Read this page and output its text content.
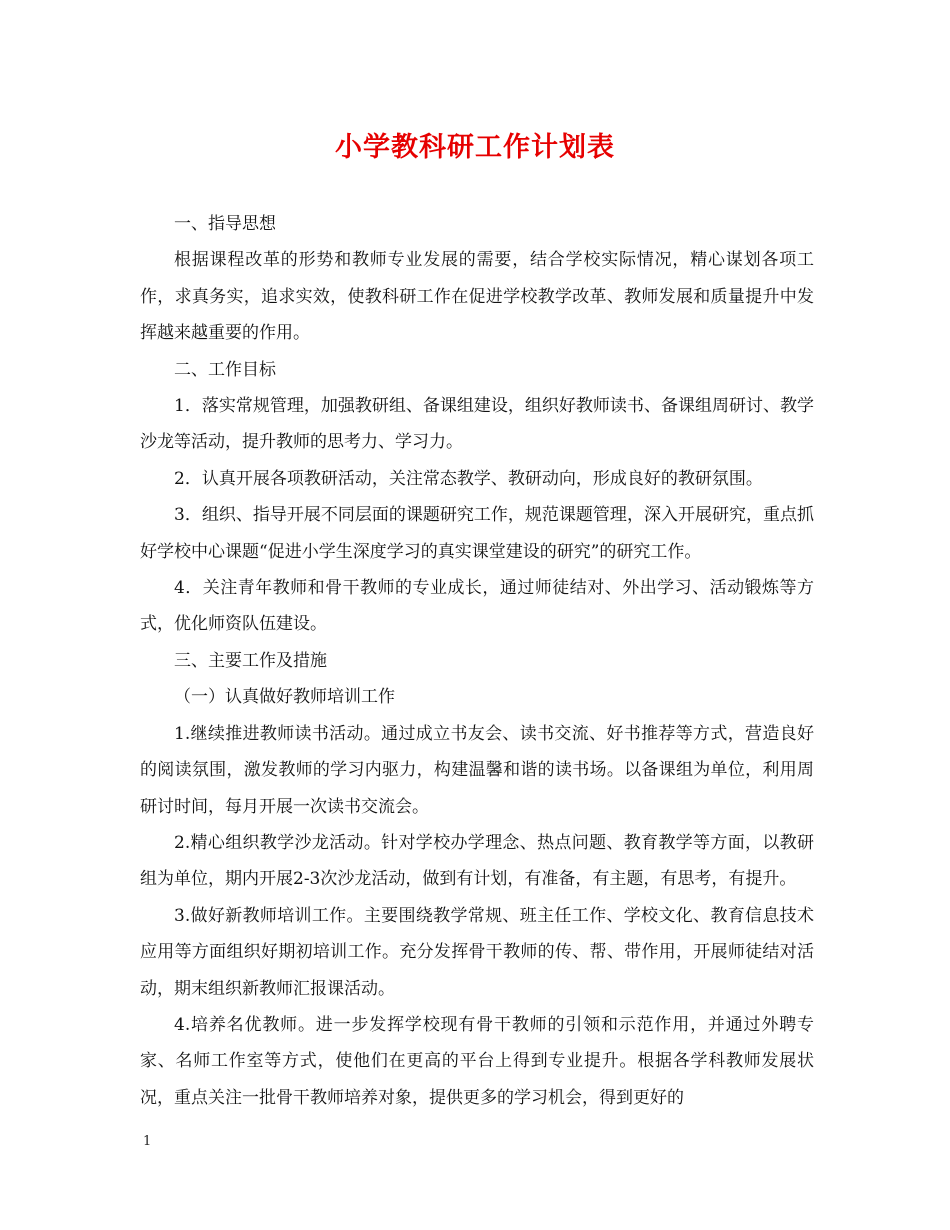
小学教科研工作计划表

一、指导思想

根据课程改革的形势和教师专业发展的需要，结合学校实际情况，精心谋划各项工作，求真务实，追求实效，使教科研工作在促进学校教学改革、教师发展和质量提升中发挥越来越重要的作用。

二、工作目标

1．落实常规管理，加强教研组、备课组建设，组织好教师读书、备课组周研讨、教学沙龙等活动，提升教师的思考力、学习力。

2．认真开展各项教研活动，关注常态教学、教研动向，形成良好的教研氛围。

3．组织、指导开展不同层面的课题研究工作，规范课题管理，深入开展研究，重点抓好学校中心课题“促进小学生深度学习的真实课堂建设的研究”的研究工作。

4．关注青年教师和骨干教师的专业成长，通过师徒结对、外出学习、活动锻炼等方式，优化师资队伍建设。

三、主要工作及措施

（一）认真做好教师培训工作

1.继续推进教师读书活动。通过成立书友会、读书交流、好书推荐等方式，营造良好的阅读氛围，激发教师的学习内驱力，构建温馨和谐的读书场。以备课组为单位，利用周研讨时间，每月开展一次读书交流会。

2.精心组织教学沙龙活动。针对学校办学理念、热点问题、教育教学等方面，以教研组为单位，期内开展2-3次沙龙活动，做到有计划，有准备，有主题，有思考，有提升。

3.做好新教师培训工作。主要围绕教学常规、班主任工作、学校文化、教育信息技术应用等方面组织好期初培训工作。充分发挥骨干教师的传、帮、带作用，开展师徒结对活动，期末组织新教师汇报课活动。

4.培养名优教师。进一步发挥学校现有骨干教师的引领和示范作用，并通过外聘专家、名师工作室等方式，使他们在更高的平台上得到专业提升。根据各学科教师发展状况，重点关注一批骨干教师培养对象，提供更多的学习机会，得到更好的

1
